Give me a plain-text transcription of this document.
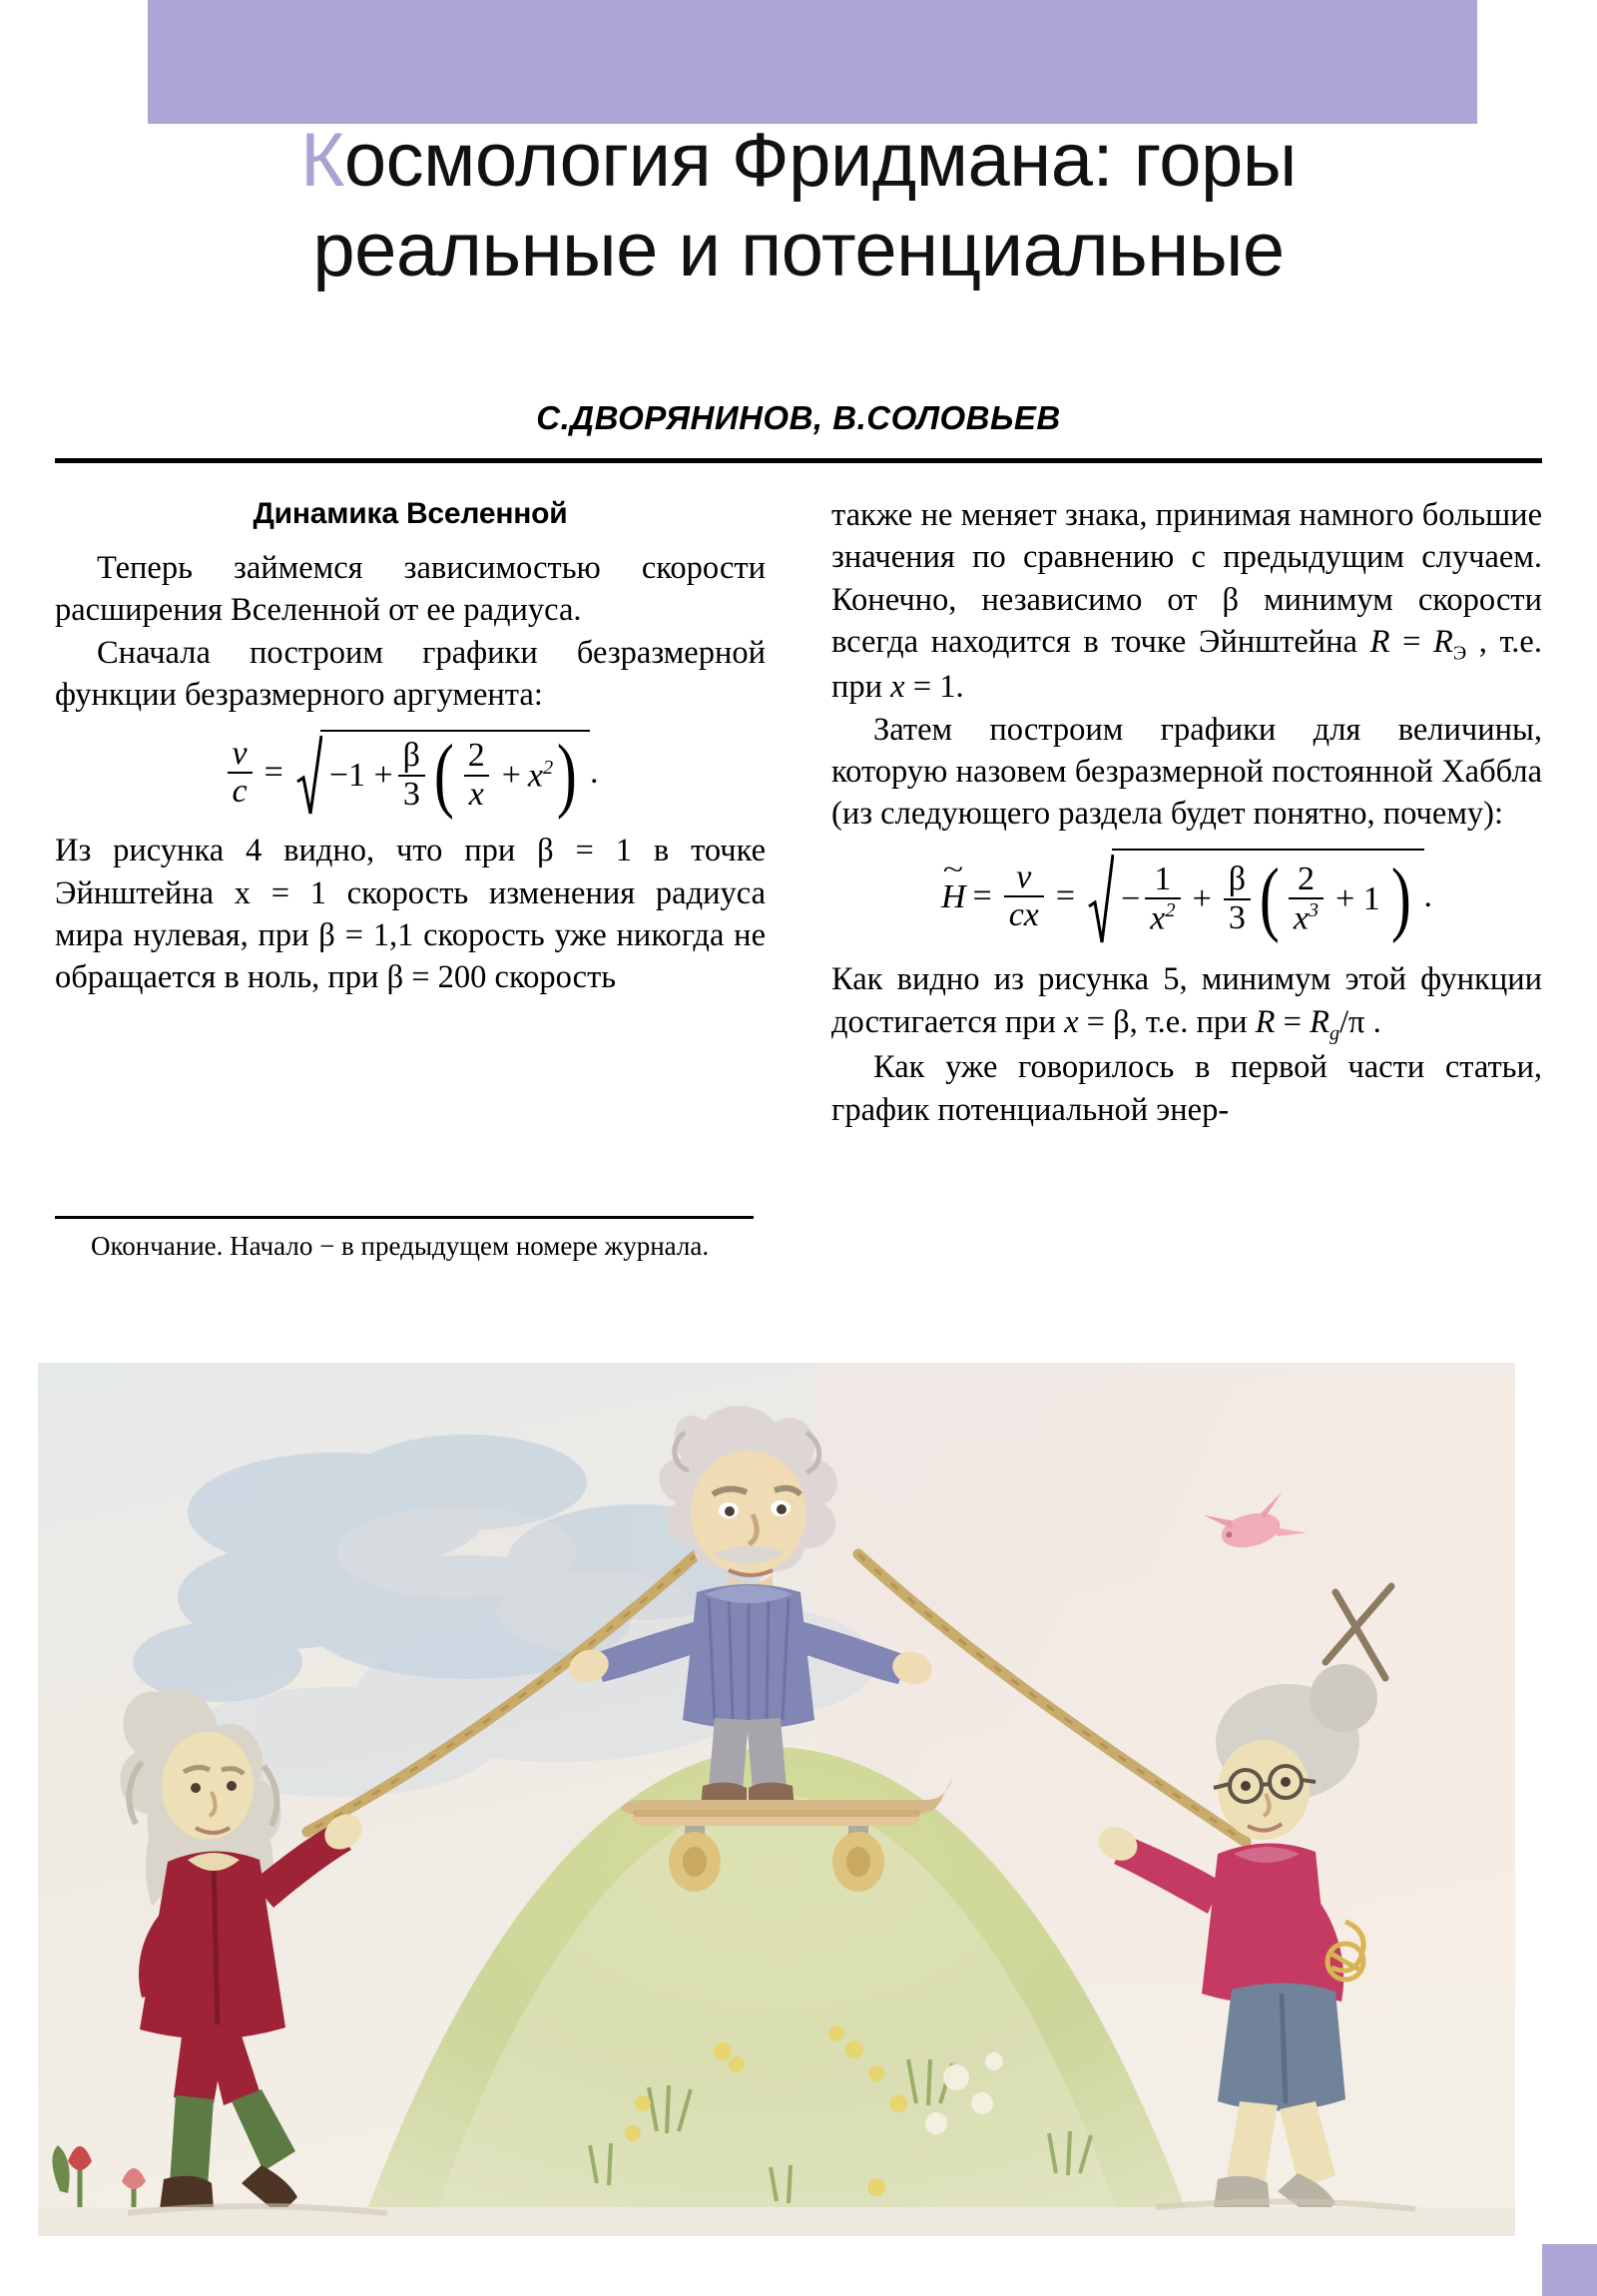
Космология Фридмана: горы
реальные и потенциальные
С.ДВОРЯНИНОВ, В.СОЛОВЬЕВ
Динамика Вселенной

Теперь займемся зависимостью скорости расширения Вселенной от ее радиуса.

Сначала построим графики безразмерной функции безразмерного аргумента:

$\frac{v}{c} = -1 + \frac{\beta}{3}$ ( $\frac{2}{x} + x^2$ ) .

Из рисунка 4 видно, что при β = 1 в точке Эйнштейна x = 1 скорость изменения радиуса мира нулевая, при β = 1,1 скорость уже никогда не обращается в ноль, при β = 200 скорость

также не меняет знака, принимая намного большие значения по сравнению с предыдущим случаем. Конечно, независимо от β минимум скорости всегда находится в точке Эйнштейна $R = R_Э$ , т.е. при x = 1.

Затем построим графики для величины, которую назовем безразмерной постоянной Хаббла (из следующего раздела будет понятно, почему):

~ $H = \frac{v}{cx}$ = − $\frac{1}{x^2} + \frac{\beta}{3}$ ( $\frac{2}{x^3} + 1$ ) .

Как видно из рисунка 5, минимум этой функции достигается при x = β, т.е. при $R = R_g/\pi$ .

Как уже говорилось в первой части статьи, график потенциальной энер-

Окончание. Начало − в предыдущем номере журнала.
